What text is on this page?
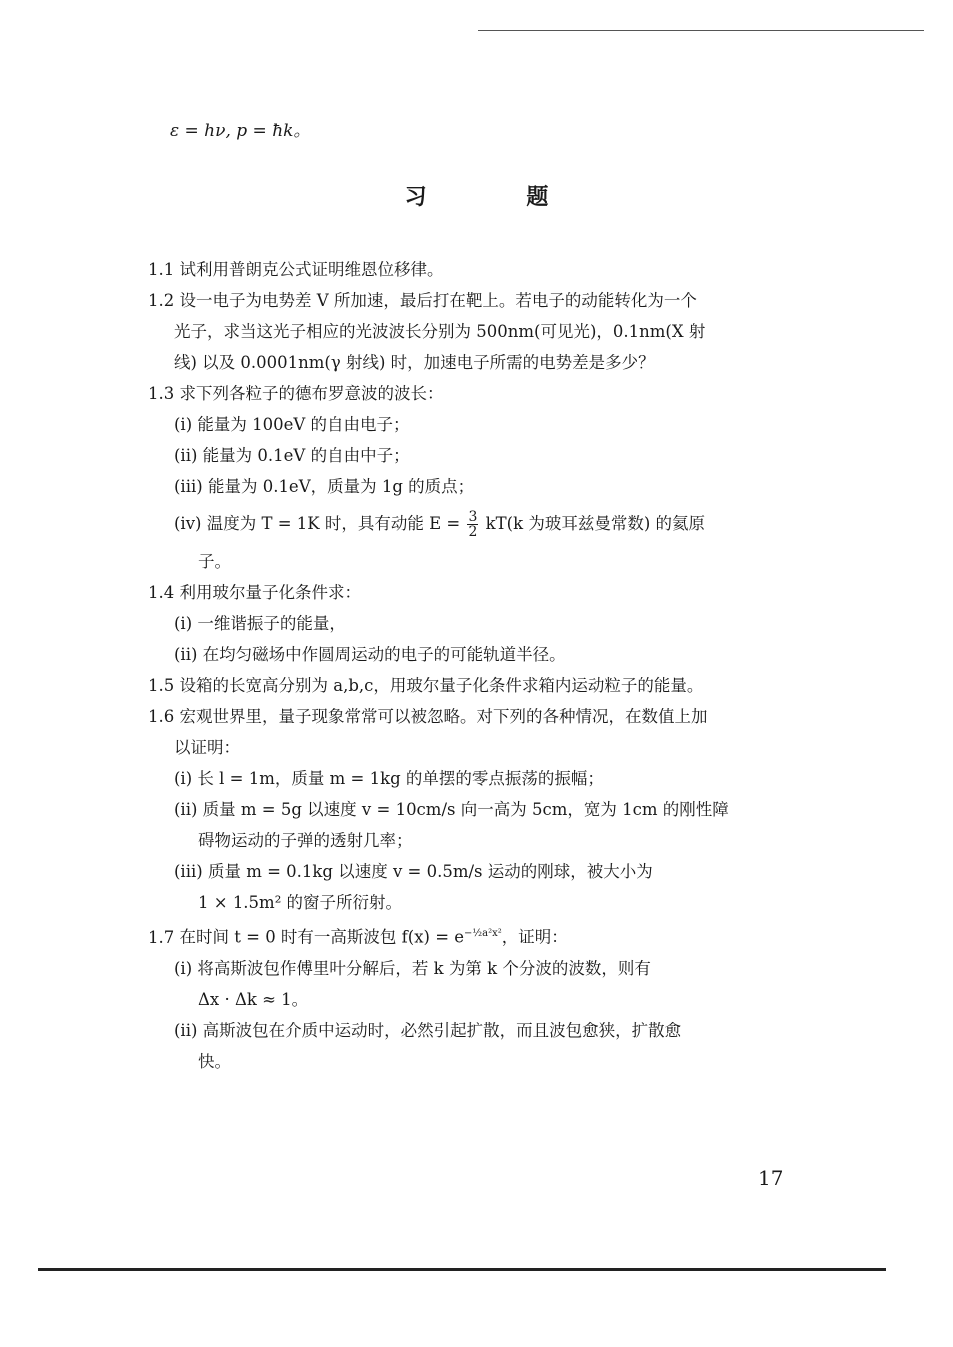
ε = hν, p = ħk。
习 题

1.1 试利用普朗克公式证明维恩位移律。

1.2 设一电子为电势差 V 所加速，最后打在靶上。若电子的动能转化为一个

光子，求当这光子相应的光波波长分别为 500nm(可见光)，0.1nm(X 射

线) 以及 0.0001nm(γ 射线) 时，加速电子所需的电势差是多少？

1.3 求下列各粒子的德布罗意波的波长：

(i) 能量为 100eV 的自由电子；

(ii) 能量为 0.1eV 的自由中子；

(iii) 能量为 0.1eV，质量为 1g 的质点；

(iv) 温度为 T = 1K 时，具有动能 $E = \frac{3}{2} kT(k$ 为玻耳兹曼常数) 的氦原

子。

1.4 利用玻尔量子化条件求：

(i) 一维谐振子的能量，

(ii) 在均匀磁场中作圆周运动的电子的可能轨道半径。

1.5 设箱的长宽高分别为 a,b,c，用玻尔量子化条件求箱内运动粒子的能量。

1.6 宏观世界里，量子现象常常可以被忽略。对下列的各种情况，在数值上加

以证明：

(i) 长 l = 1m，质量 m = 1kg 的单摆的零点振荡的振幅；

(ii) 质量 m = 5g 以速度 v = 10cm/s 向一高为 5cm，宽为 1cm 的刚性障

碍物运动的子弹的透射几率；

(iii) 质量 m = 0.1kg 以速度 v = 0.5m/s 运动的刚球，被大小为

1 × 1.5m² 的窗子所衍射。

1.7 在时间 t = 0 时有一高斯波包 $f(x) = e^{-\frac{1}{2}a^2x^2}$，证明：

(i) 将高斯波包作傅里叶分解后，若 k 为第 k 个分波的波数，则有

Δx · Δk ≈ 1。

(ii) 高斯波包在介质中运动时，必然引起扩散，而且波包愈狭，扩散愈

快。

17
